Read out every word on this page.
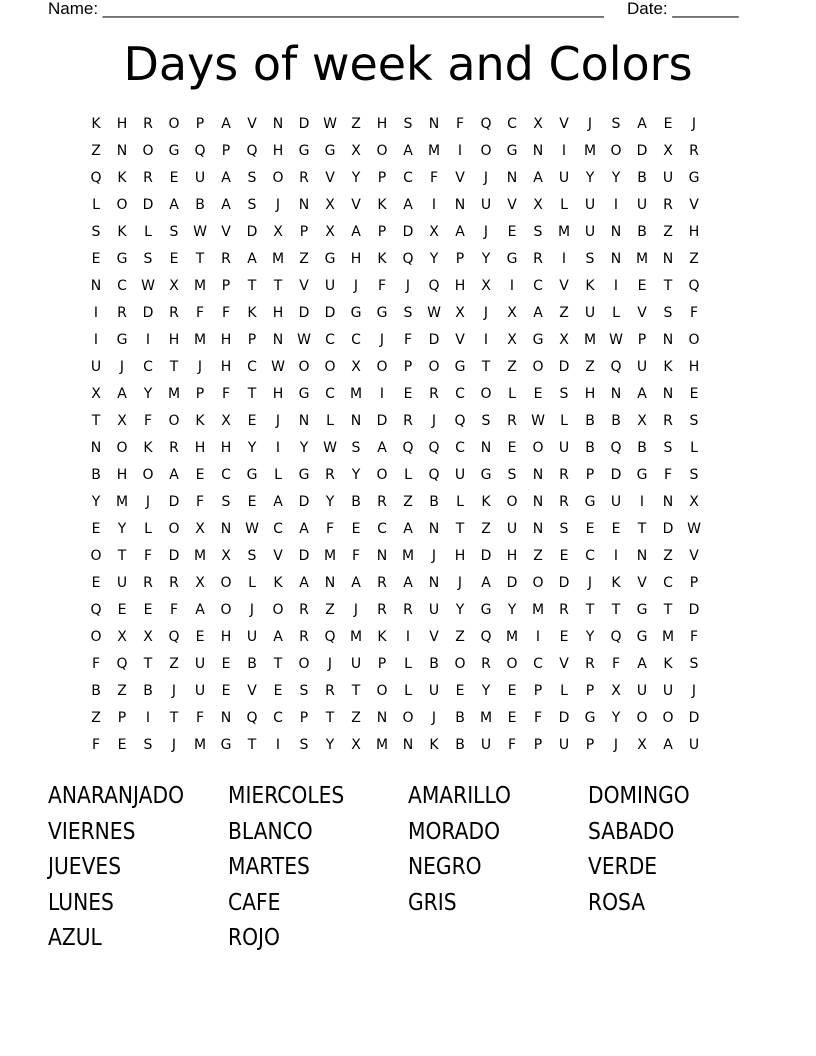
Name: _____________________________________________________ Date: _______
Days of week and Colors
K	H	R	O	P	A	V	N	D W	Z	H	S	N	F	Q	C	X	V	J	S	A	E	J
Z	N	O	G	Q	P	Q	H	G	G	X	O	A	M	I	O	G	N	I	M	O	D	X	R
Q	K	R	E	U	A	S	O	R	V	Y	P	C	F	V	J	N	A	U	Y	Y	B	U	G
L	O	D	A	B	A	S	J	N	X	V	K	A	I	N	U	V	X	L	U	I	U	R	V
S	K	L	S	W	V	D	X	P	X	A	P	D	X	A	J	E	S	M	U	N	B	Z	H
E	G	S	E	T	R	A	M	Z	G	H	K	Q	Y	P	Y	G	R	I	S	N	M	N	Z
N	C	W	X	M	P	T	T	V	U	J	F	J	Q	H	X	I	C	V	K	I	E	T	Q
I	R	D	R	F	F	K	H	D	D	G	G	S	W	X	J	X	A	Z	U	L	V	S	F
I	G	I	H	M	H	P	N W	C	C	J	F	D	V	I	X	G	X	M W	P	N	O
U	J	C	T	J	H	C	W O	O	X	O	P	O	G	T	Z	O	D	Z	Q	U	K	H
X	A	Y	M	P	F	T	H	G	C	M	I	E	R	C	O	L	E	S	H	N	A	N	E
T	X	F	O	K	X	E	J	N	L	N	D	R	J	Q	S	R	W	L	B	B	X	R	S
N	O	K	R	H	H	Y	I	Y	W	S	A	Q	Q	C	N	E	O	U	B	Q	B	S	L
B	H	O	A	E	C	G	L	G	R	Y	O	L	Q	U	G	S	N	R	P	D	G	F	S
Y	M	J	D	F	S	E	A	D	Y	B	R	Z	B	L	K	O	N	R	G	U	I	N	X
E	Y	L	O	X	N W	C	A	F	E	C	A	N	T	Z	U	N	S	E	E	T	D W
O	T	F	D	M	X	S	V	D	M	F	N	M	J	H	D	H	Z	E	C	I	N	Z	V
E	U	R	R	X	O	L	K	A	N	A	R	A	N	J	A	D	O	D	J	K	V	C	P
Q	E	E	F	A	O	J	O	R	Z	J	R	R	U	Y	G	Y	M	R	T	T	G	T	D
O	X	X	Q	E	H	U	A	R	Q	M	K	I	V	Z	Q	M	I	E	Y	Q	G	M	F
F	Q	T	Z	U	E	B	T	O	J	U	P	L	B	O	R	O	C	V	R	F	A	K	S
B	Z	B	J	U	E	V	E	S	R	T	O	L	U	E	Y	E	P	L	P	X	U	U	J
Z	P	I	T	F	N	Q	C	P	T	Z	N	O	J	B	M	E	F	D	G	Y	O	O	D
F	E	S	J	M	G	T	I	S	Y	X	M	N	K	B	U	F	P	U	P	J	X	A	U
ANARANJADO	MIERCOLES	AMARILLO	DOMINGO
VIERNES	BLANCO	MORADO	SABADO
JUEVES	MARTES	NEGRO	VERDE
LUNES	CAFE	GRIS	ROSA
AZUL	ROJO
